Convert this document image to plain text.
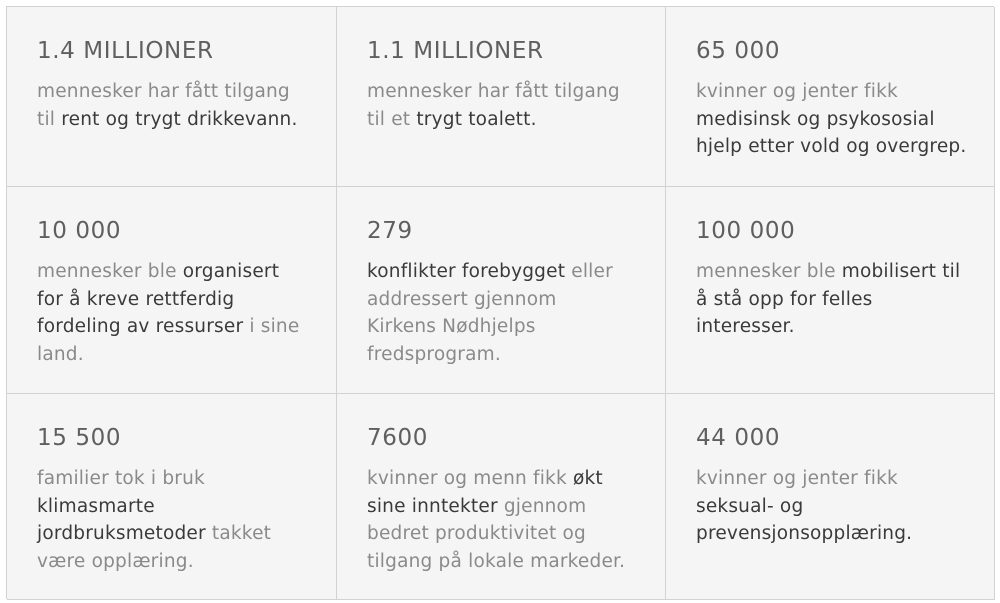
1.4 MILLIONER

mennesker har fått tilgang
til rent og trygt drikkevann.

1.1 MILLIONER

mennesker har fått tilgang
til et trygt toalett.

65 000

kvinner og jenter fikk
medisinsk og psykososial
hjelp etter vold og overgrep.

10 000

mennesker ble organisert
for å kreve rettferdig
fordeling av ressurser i sine
land.

279

konflikter forebygget eller
addressert gjennom
Kirkens Nødhjelps
fredsprogram.

100 000

mennesker ble mobilisert til
å stå opp for felles
interesser.

15 500

familier tok i bruk
klimasmarte
jordbruksmetoder takket
være opplæring.

7600

kvinner og menn fikk økt
sine inntekter gjennom
bedret produktivitet og
tilgang på lokale markeder.

44 000

kvinner og jenter fikk
seksual- og
prevensjonsopplæring.
